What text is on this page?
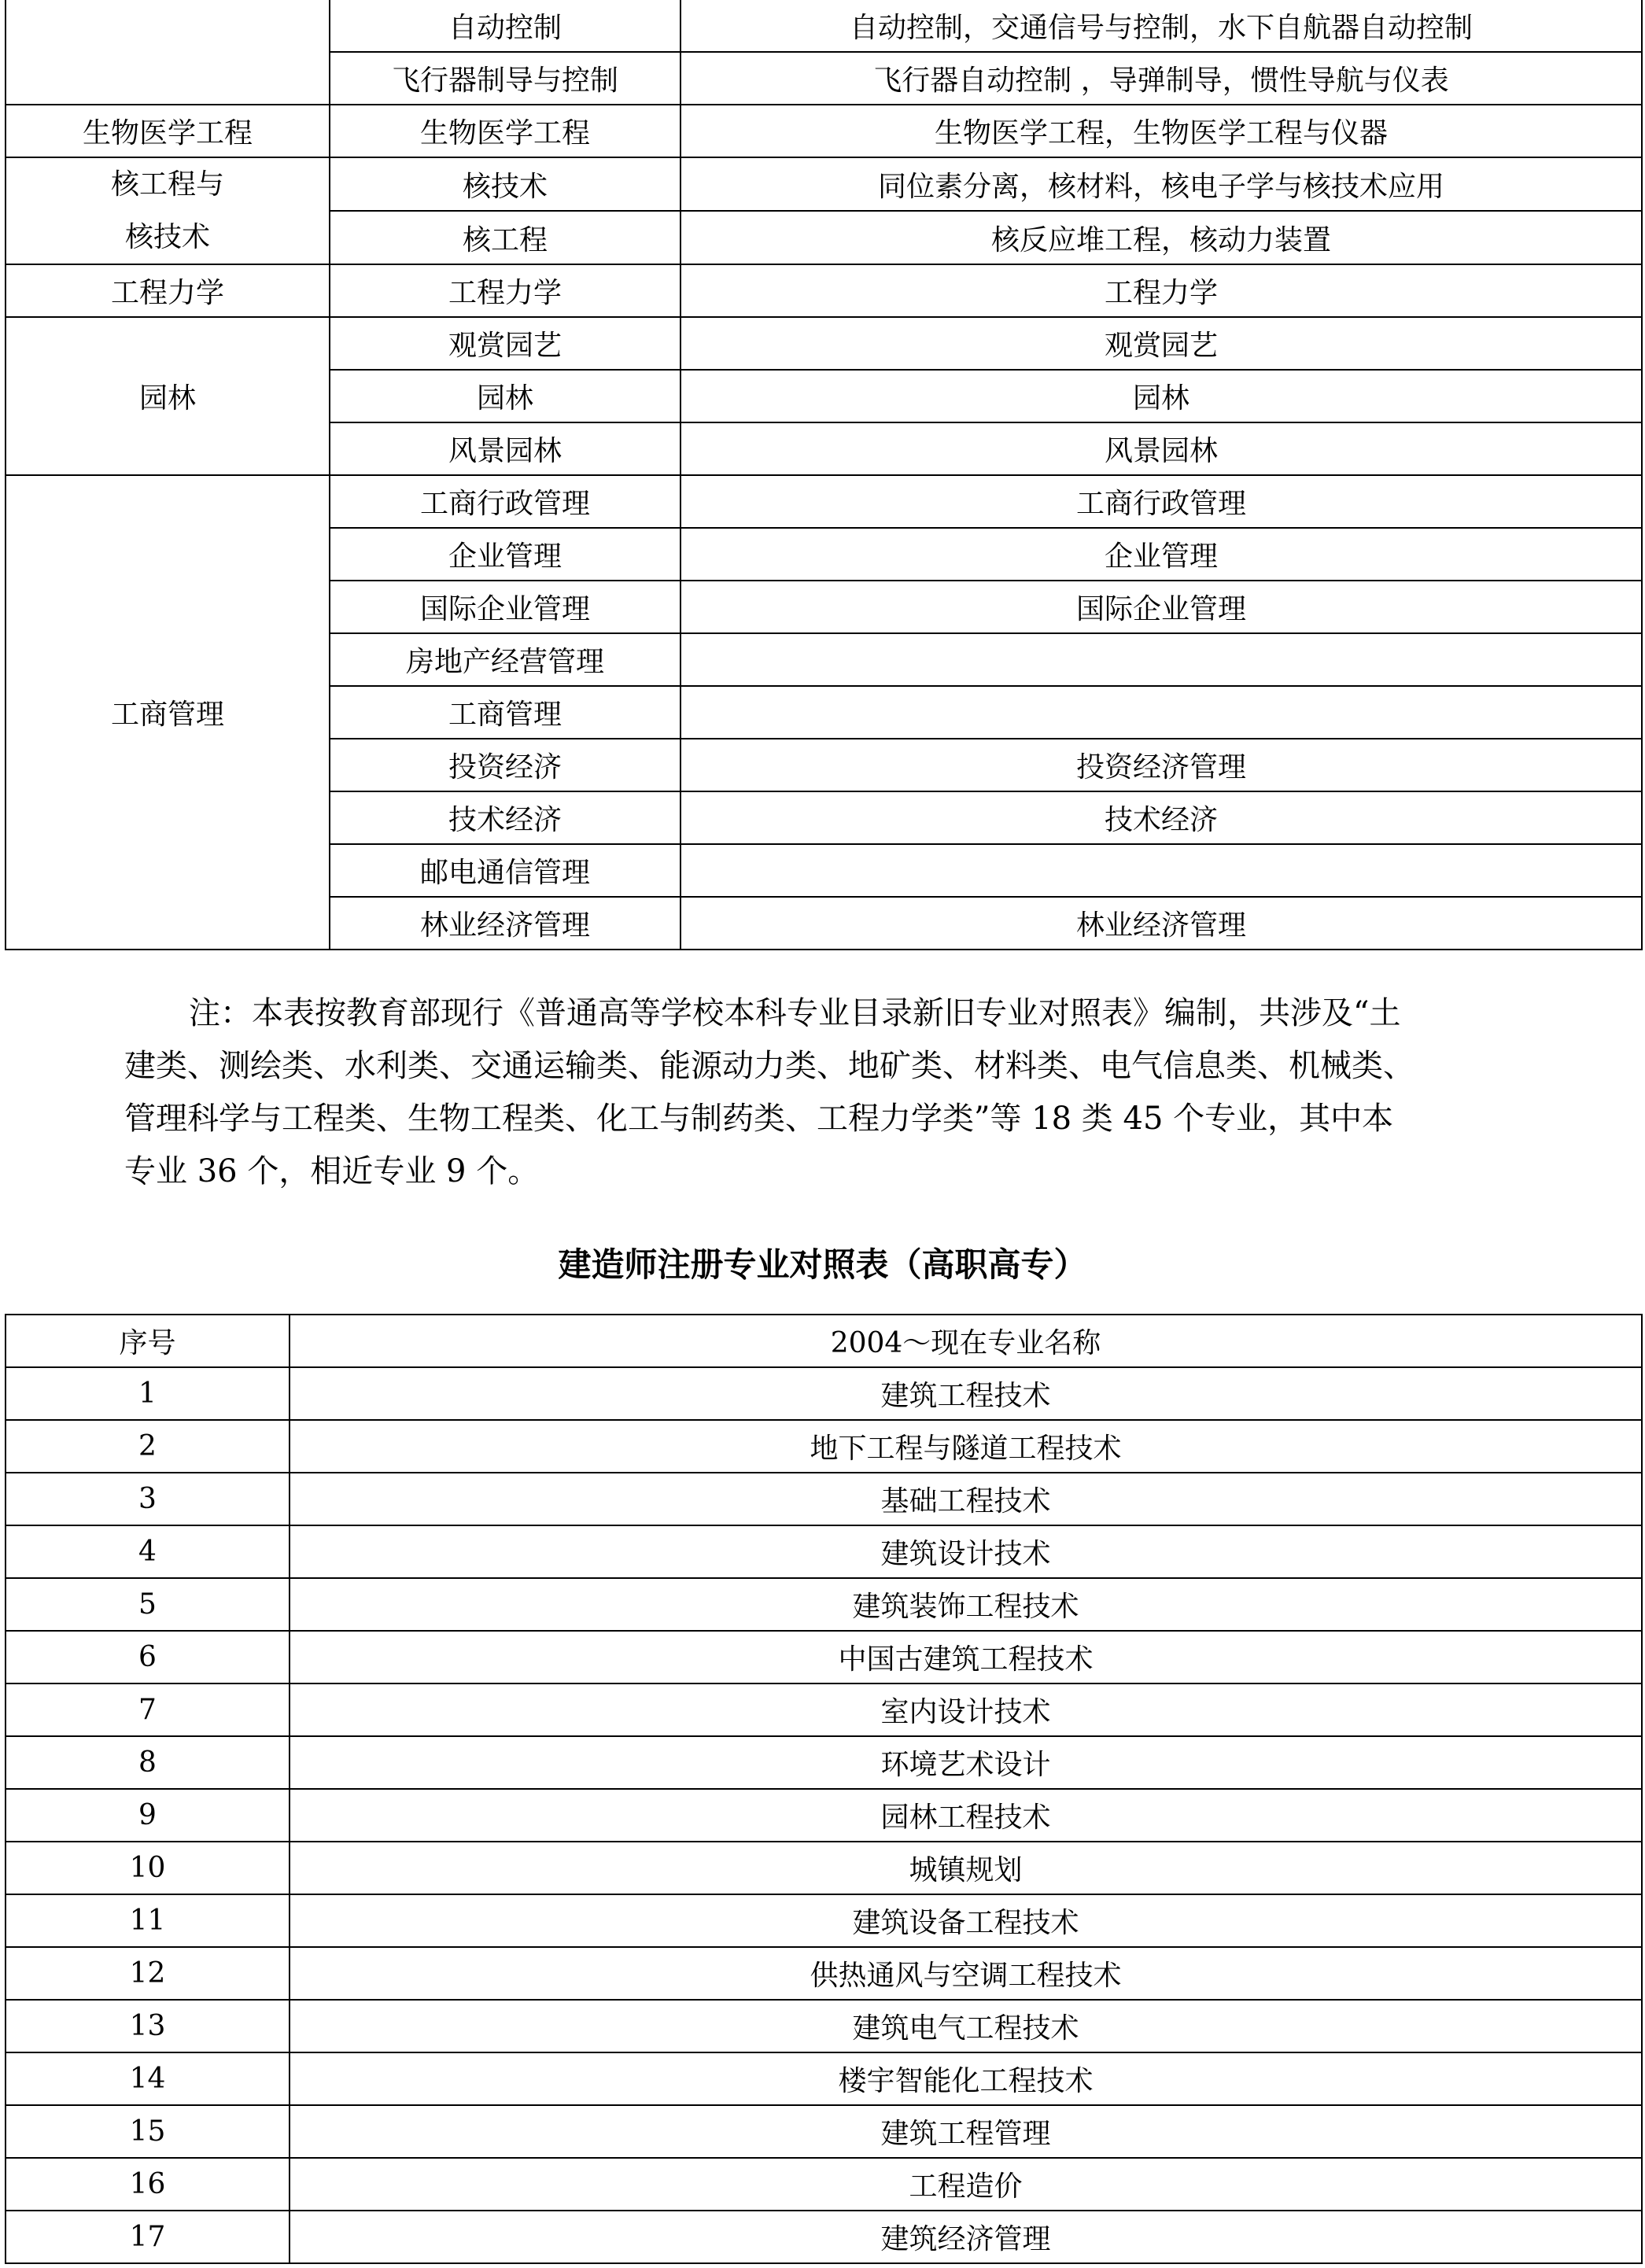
	自动控制	自动控制，交通信号与控制，水下自航器自动控制
	飞行器制导与控制	飞行器自动控制 ，导弹制导，惯性导航与仪表
生物医学工程	生物医学工程	生物医学工程，生物医学工程与仪器

核工程与
核技术	核技术	同位素分离，核材料，核电子学与核技术应用
	核工程	核反应堆工程，核动力装置
工程力学	工程力学	工程力学
园林	观赏园艺	观赏园艺
	园林	园林
	风景园林	风景园林
工商管理	工商行政管理	工商行政管理
	企业管理	企业管理
	国际企业管理	国际企业管理
	房地产经营管理	
	工商管理	
	投资经济	投资经济管理
	技术经济	技术经济
	邮电通信管理	
	林业经济管理	林业经济管理
注：本表按教育部现行《普通高等学校本科专业目录新旧专业对照表》编制，共涉及“土
建类、测绘类、水利类、交通运输类、能源动力类、地矿类、材料类、电气信息类、机械类、
管理科学与工程类、生物工程类、化工与制药类、工程力学类”等 18 类 45 个专业，其中本
专业 36 个，相近专业 9 个。
建造师注册专业对照表（高职高专）
序号	2004～现在专业名称
1	建筑工程技术
2	地下工程与隧道工程技术
3	基础工程技术
4	建筑设计技术
5	建筑装饰工程技术
6	中国古建筑工程技术
7	室内设计技术
8	环境艺术设计
9	园林工程技术
10	城镇规划
11	建筑设备工程技术
12	供热通风与空调工程技术
13	建筑电气工程技术
14	楼宇智能化工程技术
15	建筑工程管理
16	工程造价
17	建筑经济管理
